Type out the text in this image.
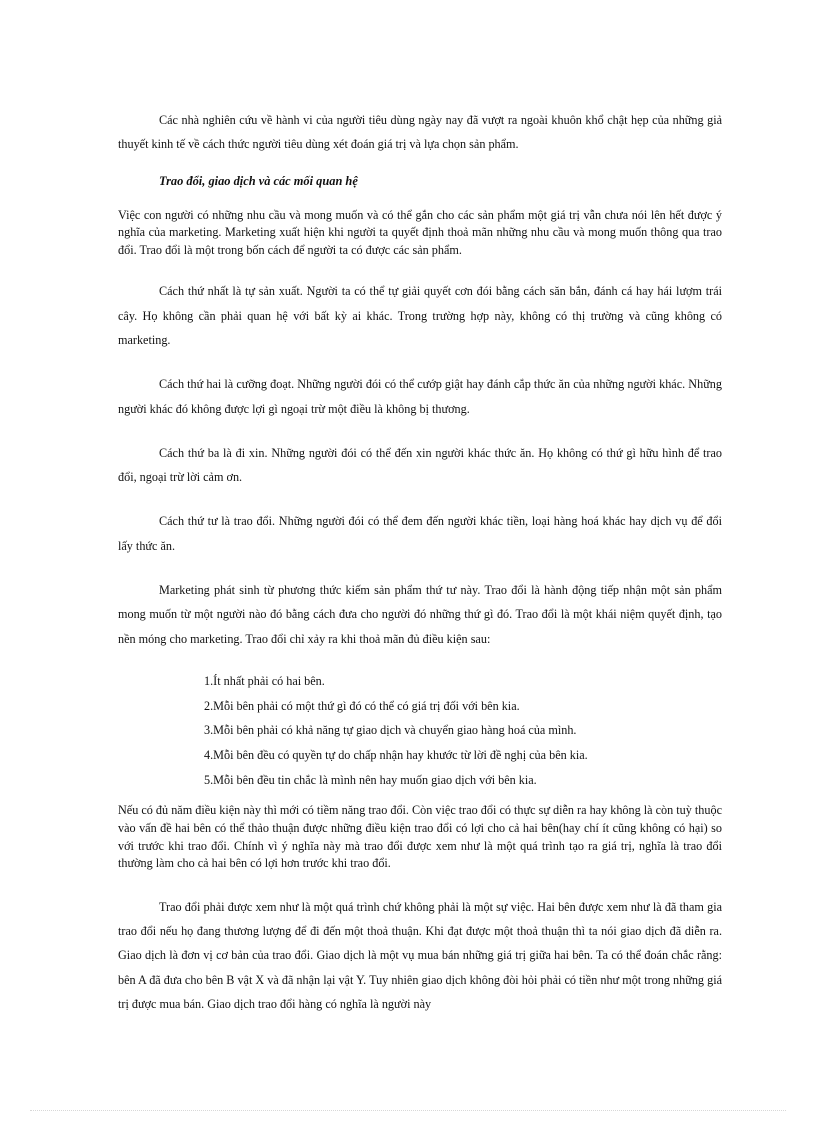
Các nhà nghiên cứu về hành vi của người tiêu dùng ngày nay đã vượt ra ngoài khuôn khổ chật hẹp của những giả thuyết kinh tế về cách thức người tiêu dùng xét đoán giá trị và lựa chọn sản phẩm.

Trao đổi, giao dịch và các mối quan hệ

Việc con người có những nhu cầu và mong muốn và có thể gắn cho các sản phẩm một giá trị vẫn chưa nói lên hết được ý nghĩa của marketing. Marketing xuất hiện khi người ta quyết định thoả mãn những nhu cầu và mong muốn thông qua trao đổi. Trao đổi là một trong bốn cách để người ta có được các sản phẩm.

Cách thứ nhất là tự sản xuất. Người ta có thể tự giải quyết cơn đói bằng cách săn bắn, đánh cá hay hái lượm trái cây. Họ không cần phải quan hệ với bất kỳ ai khác. Trong trường hợp này, không có thị trường và cũng không có marketing.

Cách thứ hai là cưỡng đoạt. Những người đói có thể cướp giật hay đánh cắp thức ăn của những người khác. Những người khác đó không được lợi gì ngoại trừ một điều là không bị thương.

Cách thứ ba là đi xin. Những người đói có thể đến xin người khác thức ăn. Họ không có thứ gì hữu hình để trao đổi, ngoại trừ lời cảm ơn.

Cách thứ tư là trao đổi. Những người đói có thể đem đến người khác tiền, loại hàng hoá khác hay dịch vụ để đổi lấy thức ăn.

Marketing phát sinh từ phương thức kiếm sản phẩm thứ tư này. Trao đổi là hành động tiếp nhận một sản phẩm mong muốn từ một người nào đó bằng cách đưa cho người đó những thứ gì đó. Trao đổi là một khái niệm quyết định, tạo nền móng cho marketing. Trao đổi chỉ xảy ra khi thoả mãn đủ điều kiện sau:

1.Ít nhất phải có hai bên.
2.Mỗi bên phải có một thứ gì đó có thể có giá trị đối với bên kia.
3.Mỗi bên phải có khả năng tự giao dịch và chuyển giao hàng hoá của mình.
4.Mỗi bên đều có quyền tự do chấp nhận hay khước từ lời đề nghị của bên kia.
5.Mỗi bên đều tin chắc là mình nên hay muốn giao dịch với bên kia.

Nếu có đủ năm điều kiện này thì mới có tiềm năng trao đổi. Còn việc trao đổi có thực sự diễn ra hay không là còn tuỳ thuộc vào vấn đề hai bên có thể thảo thuận được những điều kiện trao đổi có lợi cho cả hai bên(hay chí ít cũng không có hại) so với trước khi trao đổi. Chính vì ý nghĩa này mà trao đổi được xem như là một quá trình tạo ra giá trị, nghĩa là trao đổi thường làm cho cả hai bên có lợi hơn trước khi trao đổi.

Trao đổi phải được xem như là một quá trình chứ không phải là một sự việc. Hai bên được xem như là đã tham gia trao đổi nếu họ đang thương lượng để đi đến một thoả thuận. Khi đạt được một thoả thuận thì ta nói giao dịch đã diễn ra. Giao dịch là đơn vị cơ bản của trao đổi. Giao dịch là một vụ mua bán những giá trị giữa hai bên. Ta có thể đoán chắc rằng: bên A đã đưa cho bên B vật X và đã nhận lại vật Y. Tuy nhiên giao dịch không đòi hỏi phải có tiền như một trong những giá trị được mua bán. Giao dịch trao đổi hàng có nghĩa là người này
